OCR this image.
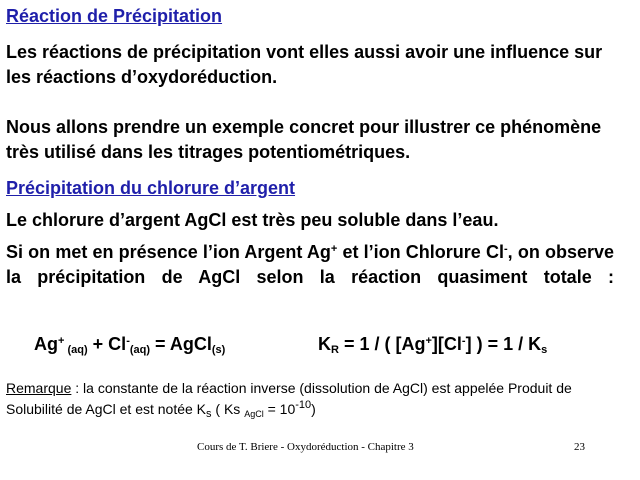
Réaction de Précipitation
Les réactions de précipitation vont elles aussi avoir une influence sur les réactions d’oxydoréduction.
Nous allons prendre un exemple concret pour illustrer ce phénomène très utilisé dans les titrages potentiométriques.
Précipitation du chlorure d’argent
Le chlorure d’argent AgCl est très peu soluble dans l’eau.
Si on met en présence l’ion Argent Ag+ et l’ion Chlorure Cl-, on observe la précipitation de AgCl selon la réaction quasiment totale :
Ag+ $_{(aq)} + Cl^-_{(aq)}$ = AgCl$_{(s)}$	$K_R = 1$ / ( [Ag+][Cl-] ) = $1 / K_s$
Remarque : la constante de la réaction inverse (dissolution de AgCl) est appelée Produit de Solubilité de AgCl et est notée $K_s$ ( Ks $_{AgCl} = 10^{-10}$)
Cours de T. Briere - Oxydoréduction - Chapitre 3	23
